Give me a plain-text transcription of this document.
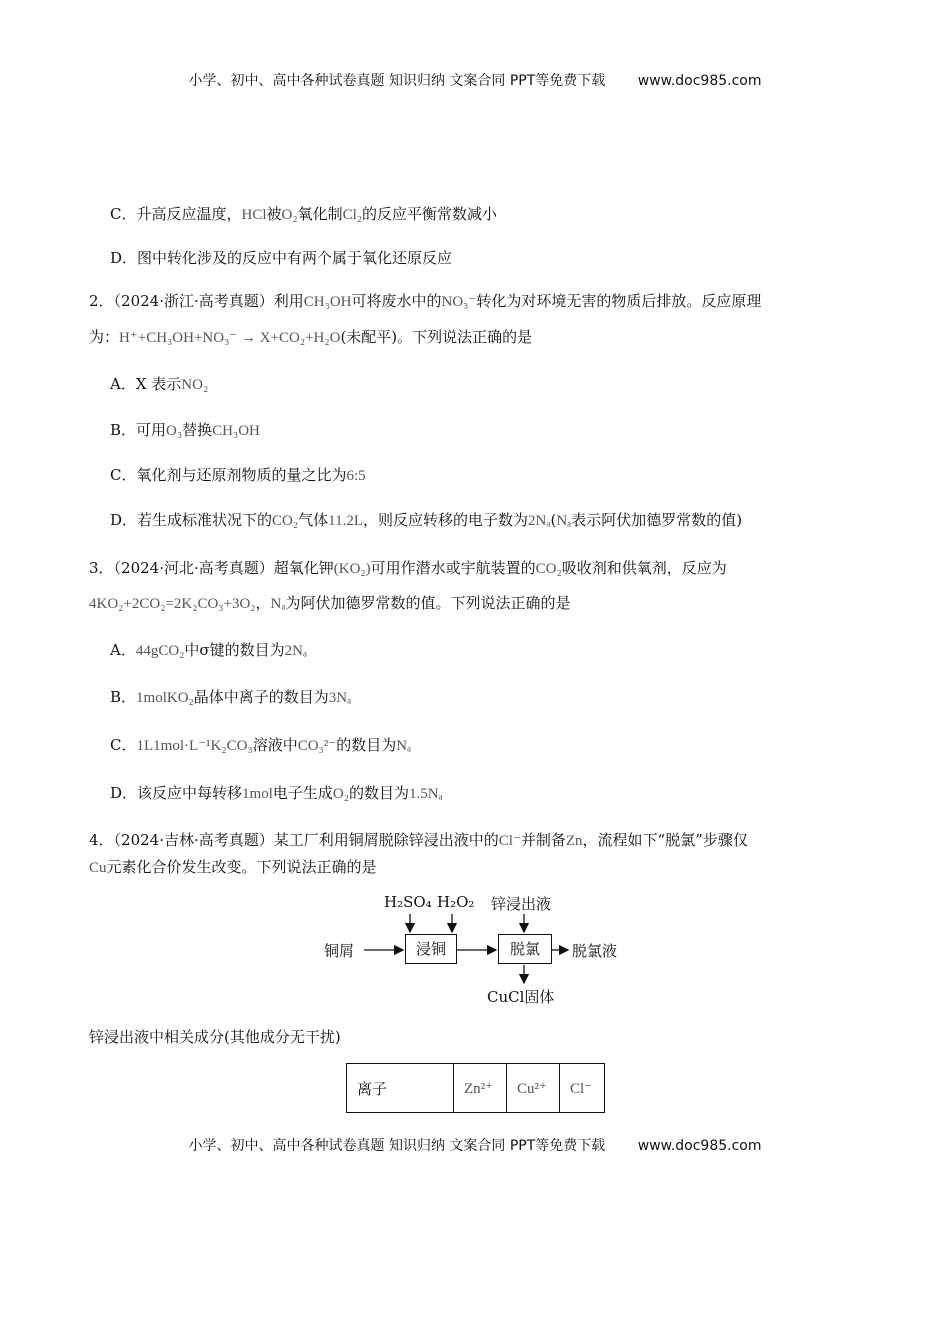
小学、初中、高中各种试卷真题 知识归纳 文案合同 PPT等免费下载 www.doc985.com
C．升高反应温度，HCl被O₂氧化制Cl₂的反应平衡常数减小
D．图中转化涉及的反应中有两个属于氧化还原反应
2．（2024·浙江·高考真题）利用CH₃OH可将废水中的NO₃⁻转化为对环境无害的物质后排放。反应原理
为：H⁺+CH₃OH+NO₃⁻ → X+CO₂+H₂O(未配平)。下列说法正确的是
A．X 表示NO₂
B．可用O₃替换CH₃OH
C．氧化剂与还原剂物质的量之比为6:5
D．若生成标准状况下的CO₂气体11.2L，则反应转移的电子数为2Nₐ(Nₐ表示阿伏加德罗常数的值)
3．（2024·河北·高考真题）超氧化钾(KO₂)可用作潜水或宇航装置的CO₂吸收剂和供氧剂，反应为
4KO₂+2CO₂=2K₂CO₃+3O₂，Nₐ为阿伏加德罗常数的值。下列说法正确的是
A．44gCO₂中σ键的数目为2Nₐ
B．1molKO₂晶体中离子的数目为3Nₐ
C．1L1mol·L⁻¹K₂CO₃溶液中CO₃²⁻的数目为Nₐ
D．该反应中每转移1mol电子生成O₂的数目为1.5Nₐ
4．（2024·吉林·高考真题）某工厂利用铜屑脱除锌浸出液中的Cl⁻并制备Zn，流程如下“脱氯”步骤仅
Cu元素化合价发生改变。下列说法正确的是
H₂SO₄ H₂O₂ 锌浸出液
铜屑	浸铜	脱氯	脱氯液
CuCl固体
锌浸出液中相关成分(其他成分无干扰)
离子	Zn²⁺	Cu²⁺	Cl⁻
小学、初中、高中各种试卷真题 知识归纳 文案合同 PPT等免费下载 www.doc985.com
